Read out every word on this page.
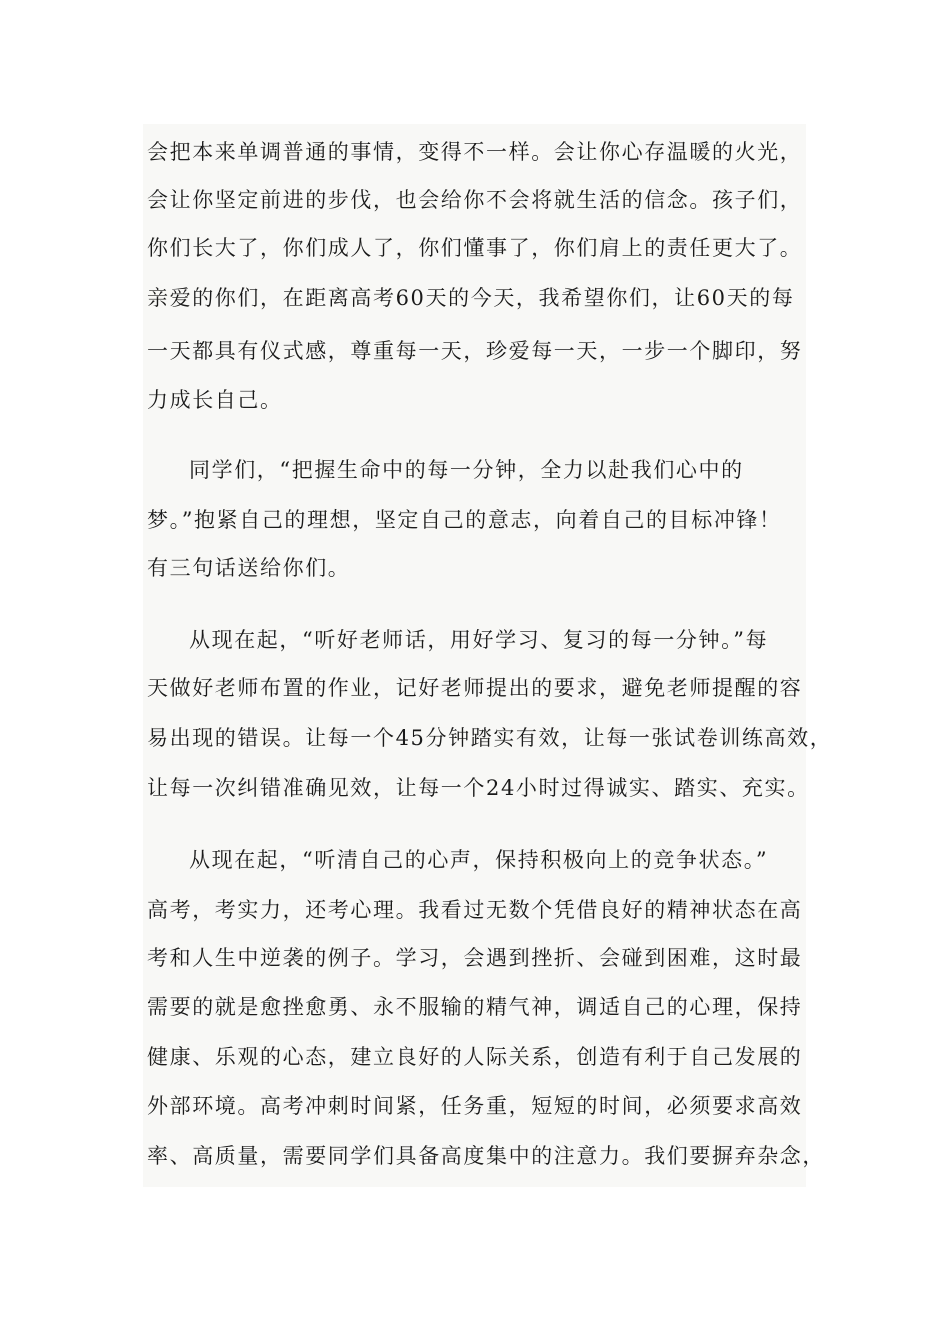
会把本来单调普通的事情，变得不一样。会让你心存温暖的火光，
会让你坚定前进的步伐，也会给你不会将就生活的信念。孩子们，
你们长大了，你们成人了，你们懂事了，你们肩上的责任更大了。
亲爱的你们，在距离高考60天的今天，我希望你们，让60天的每
一天都具有仪式感，尊重每一天，珍爱每一天，一步一个脚印，努
力成长自己。
同学们，“把握生命中的每一分钟，全力以赴我们心中的
梦。”抱紧自己的理想，坚定自己的意志，向着自己的目标冲锋！
有三句话送给你们。
从现在起，“听好老师话，用好学习、复习的每一分钟。”每
天做好老师布置的作业，记好老师提出的要求，避免老师提醒的容
易出现的错误。让每一个45分钟踏实有效，让每一张试卷训练高效，
让每一次纠错准确见效，让每一个24小时过得诚实、踏实、充实。
从现在起，“听清自己的心声，保持积极向上的竞争状态。”
高考，考实力，还考心理。我看过无数个凭借良好的精神状态在高
考和人生中逆袭的例子。学习，会遇到挫折、会碰到困难，这时最
需要的就是愈挫愈勇、永不服输的精气神，调适自己的心理，保持
健康、乐观的心态，建立良好的人际关系，创造有利于自己发展的
外部环境。高考冲刺时间紧，任务重，短短的时间，必须要求高效
率、高质量，需要同学们具备高度集中的注意力。我们要摒弃杂念，
